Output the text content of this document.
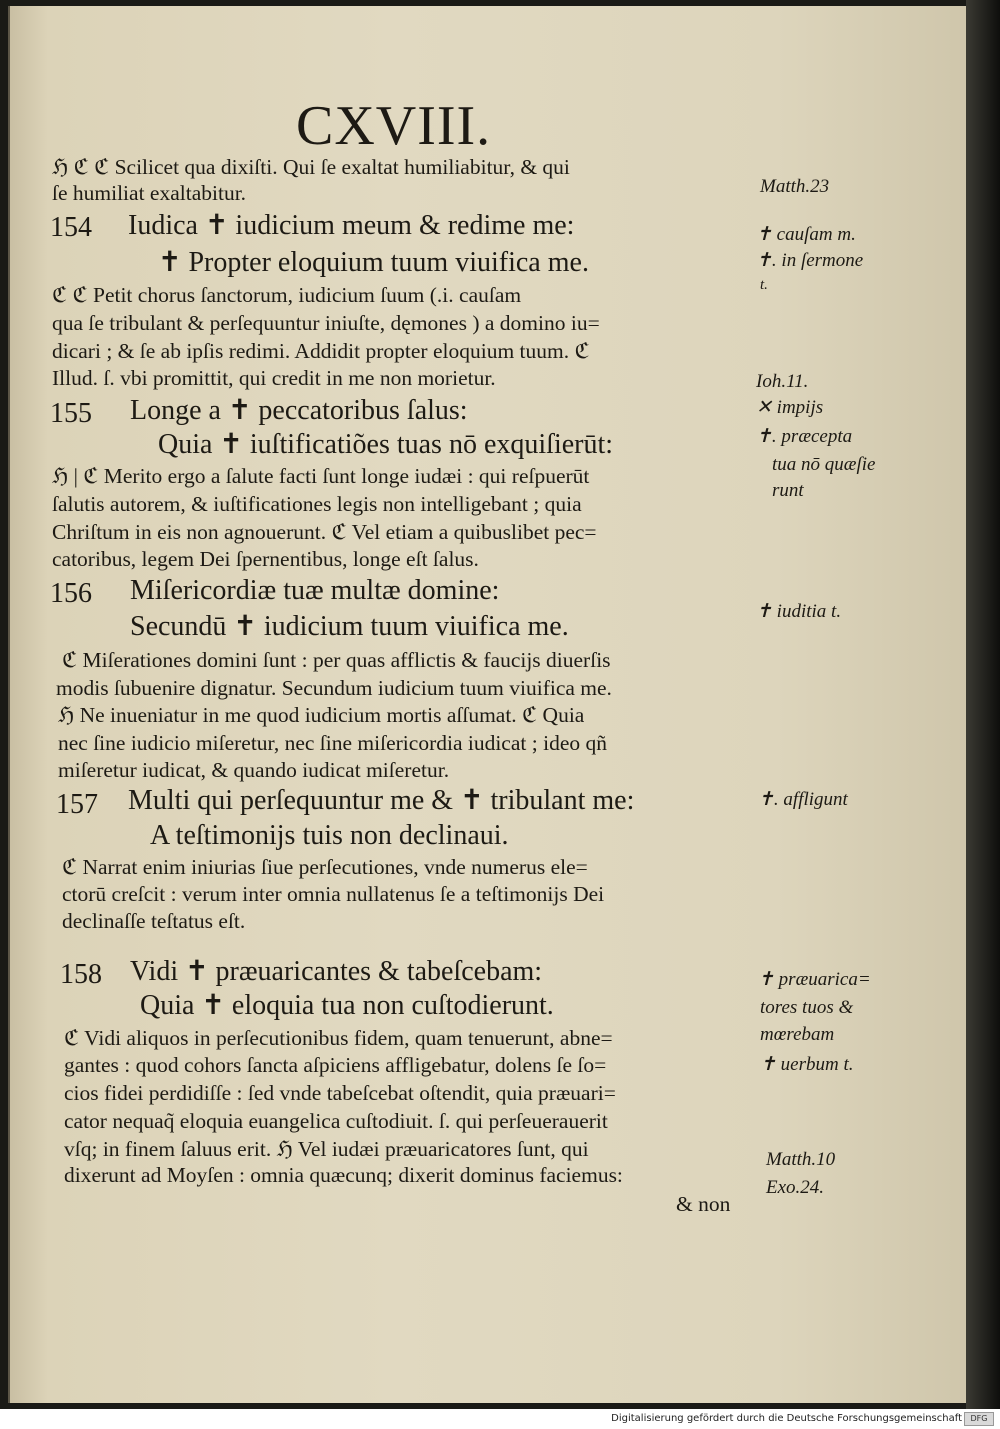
CXVIII.
ℌ ℭ ℭ Scilicet qua dixiſti. Qui ſe exaltat humiliabitur, & qui
ſe humiliat exaltabitur.
154 Iudica ✝ iudicium meum & redime me:
✝ Propter eloquium tuum viuifica me.
ℭ ℭ Petit chorus ſanctorum, iudicium ſuum (.i. cauſam
qua ſe tribulant & perſequuntur iniuſte, dęmones ) a domino iu=
dicari ; & ſe ab ipſis redimi. Addidit propter eloquium tuum. ℭ
Illud. ſ. vbi promittit, qui credit in me non morietur.
155 Longe a ✝ peccatoribus ſalus:
Quia ✝ iuſtificatiões tuas nō exquiſierūt:
ℌ | ℭ Merito ergo a ſalute facti ſunt longe iudæi : qui reſpuerūt
ſalutis autorem, & iuſtificationes legis non intelligebant ; quia
Chriſtum in eis non agnouerunt. ℭ Vel etiam a quibuslibet pec=
catoribus, legem Dei ſpernentibus, longe eſt ſalus.
156 Miſericordiæ tuæ multæ domine:
Secundū ✝ iudicium tuum viuifica me.
ℭ Miſerationes domini ſunt : per quas afflictis & faucijs diuerſis
modis ſubuenire dignatur. Secundum iudicium tuum viuifica me.
ℌ Ne inueniatur in me quod iudicium mortis aſſumat. ℭ Quia
nec ſine iudicio miſeretur, nec ſine miſericordia iudicat ; ideo qñ
miſeretur iudicat, & quando iudicat miſeretur.
157 Multi qui perſequuntur me & ✝ tribulant me:
A teſtimonijs tuis non declinaui.
ℭ Narrat enim iniurias ſiue perſecutiones, vnde numerus ele=
ctorū creſcit : verum inter omnia nullatenus ſe a teſtimonijs Dei
declinaſſe teſtatus eſt.
158 Vidi ✝ præuaricantes & tabeſcebam:
Quia ✝ eloquia tua non cuſtodierunt.
ℭ Vidi aliquos in perſecutionibus fidem, quam tenuerunt, abne=
gantes : quod cohors ſancta aſpiciens affligebatur, dolens ſe ſo=
cios fidei perdidiſſe : ſed vnde tabeſcebat oſtendit, quia præuari=
cator nequaq̃ eloquia euangelica cuſtodiuit. ſ. qui perſeuerauerit
vſq; in finem ſaluus erit. ℌ Vel iudæi præuaricatores ſunt, qui
dixerunt ad Moyſen : omnia quæcunq; dixerit dominus faciemus:
& non
Matth.23
✝ cauſam m.
✝. in ſermone
t.
Ioh.11.
✕ impijs
✝. præcepta
tua nō quæſie
runt
✝ iuditia t.
✝. affligunt
✝ præuarica=
tores tuos &
mœrebam
✝ uerbum t.
Matth.10
Exo.24.
Digitalisierung gefördert durch die Deutsche Forschungsgemeinschaft	DFG
